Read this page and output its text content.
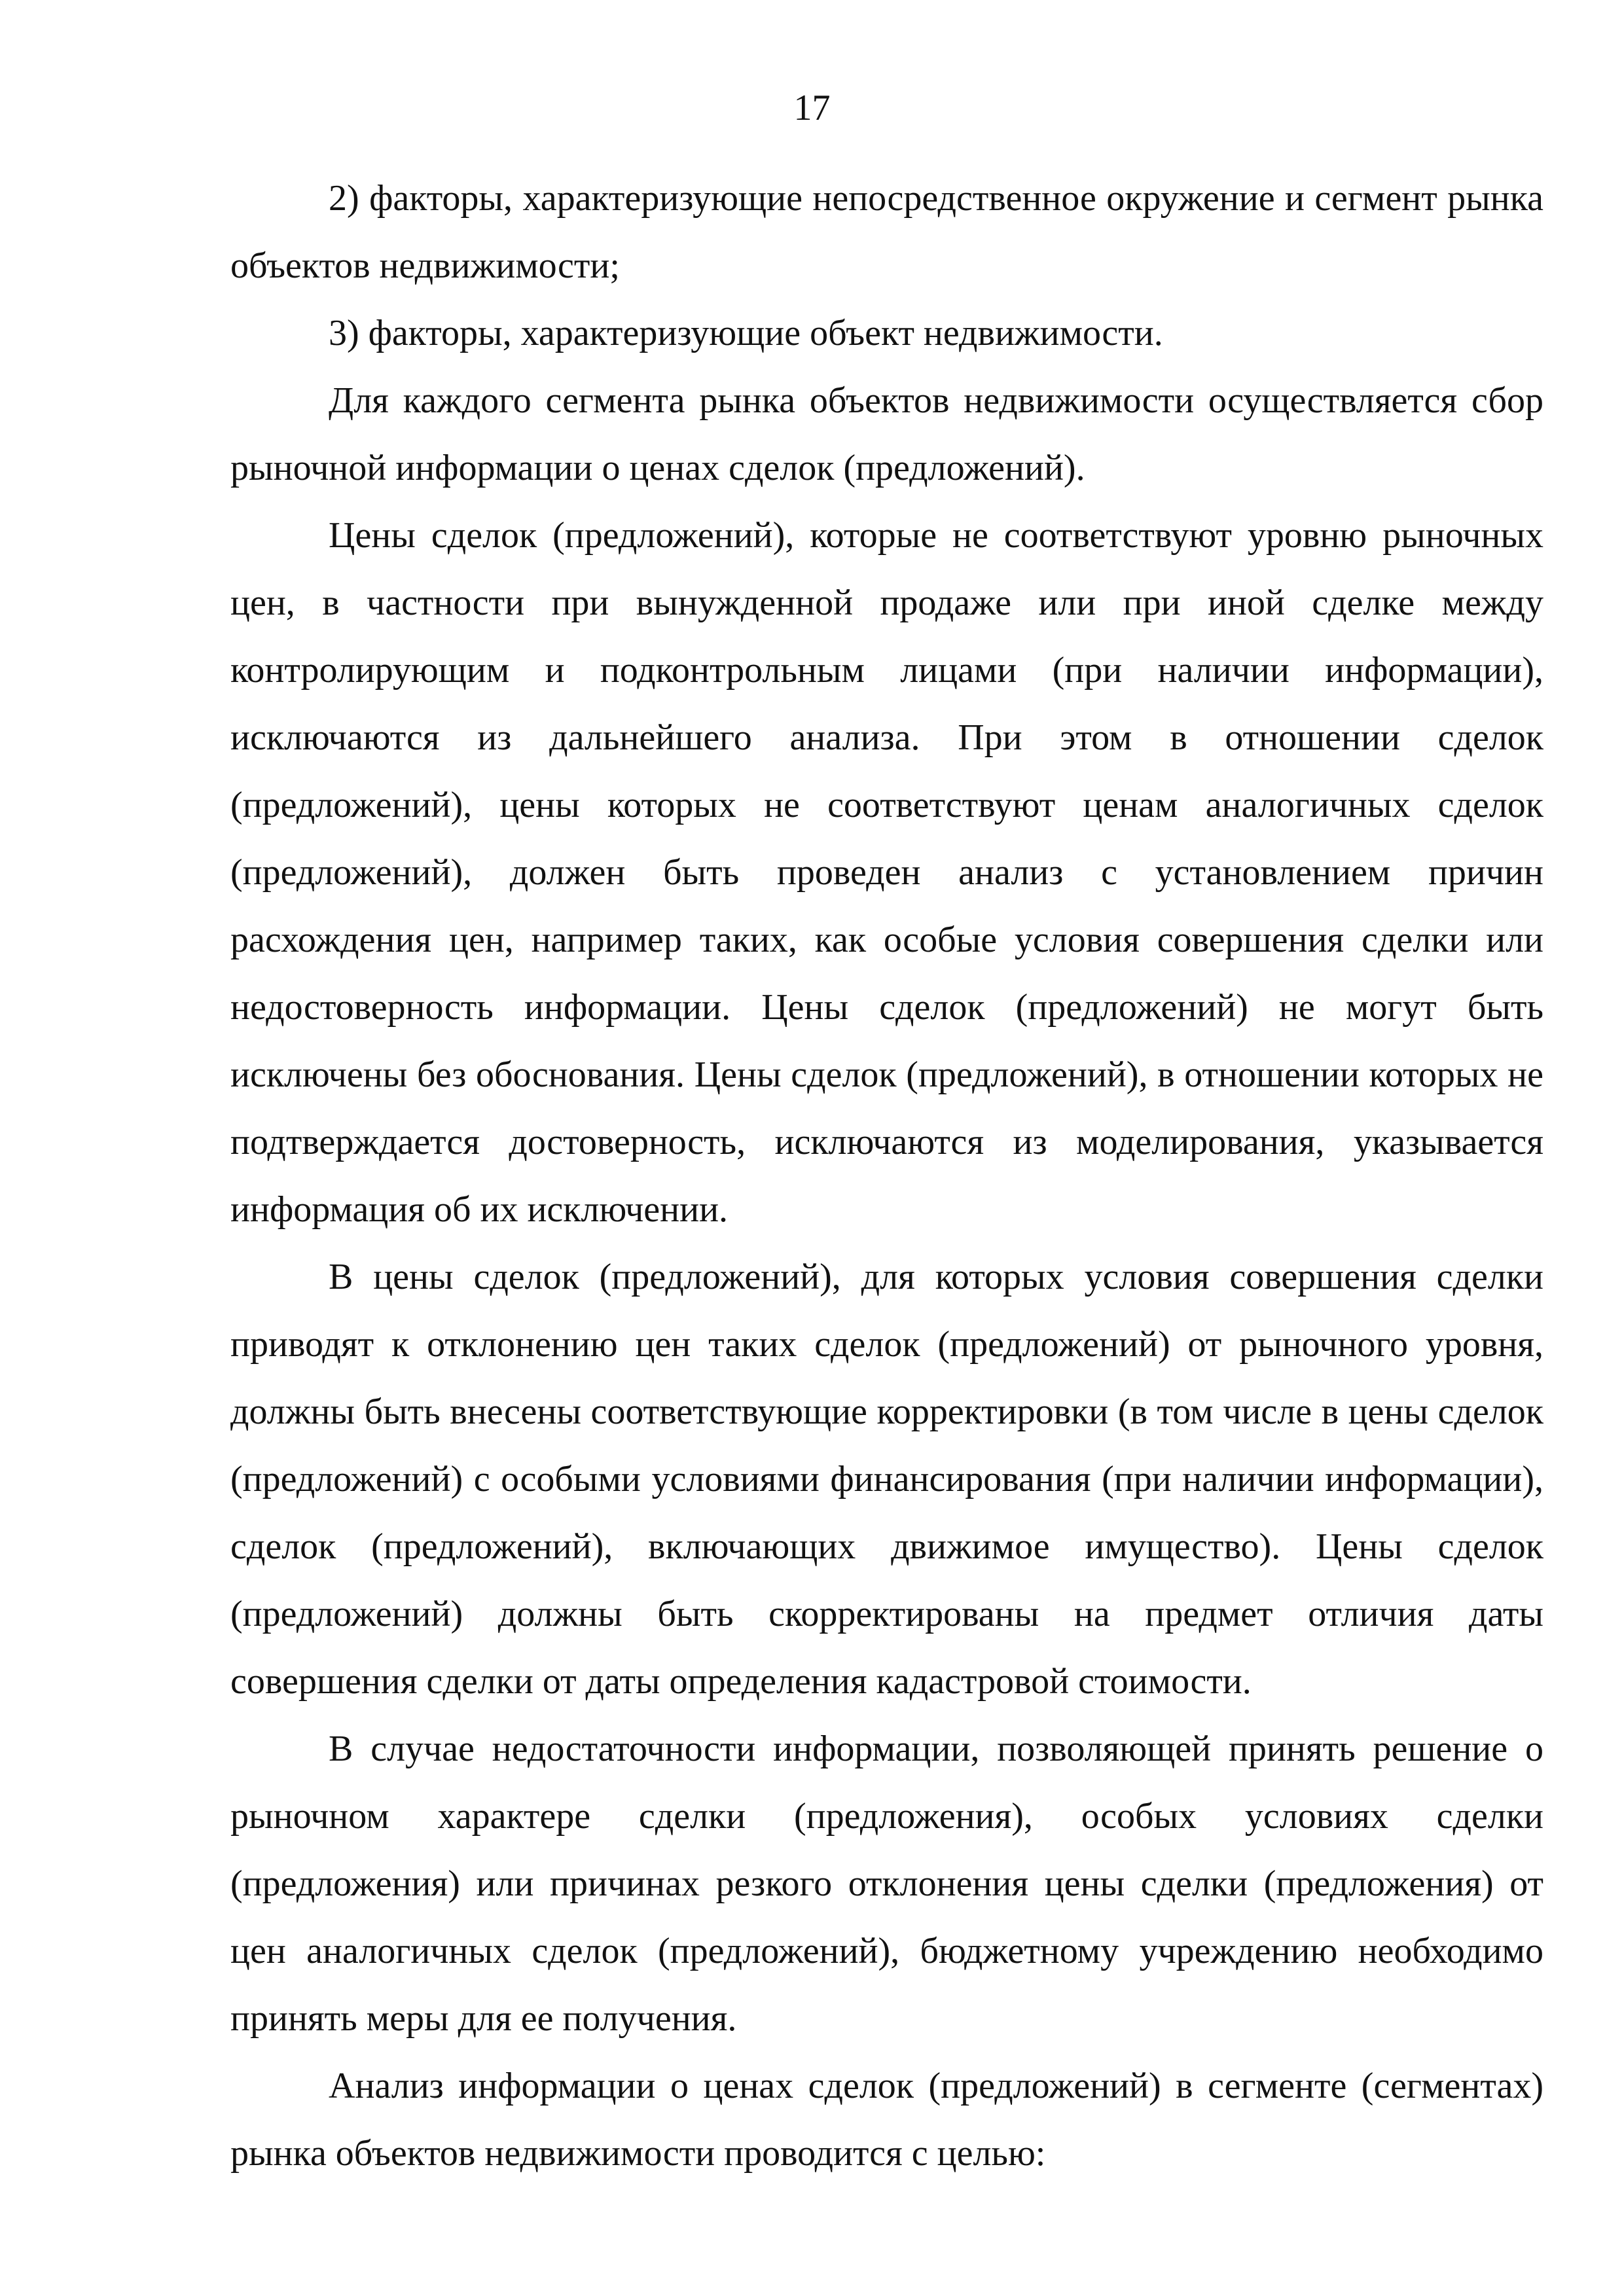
17

2) факторы, характеризующие непосредственное окружение и сегмент рынка объектов недвижимости;

3) факторы, характеризующие объект недвижимости.

Для каждого сегмента рынка объектов недвижимости осуществляется сбор рыночной информации о ценах сделок (предложений).

Цены сделок (предложений), которые не соответствуют уровню рыночных цен, в частности при вынужденной продаже или при иной сделке между контролирующим и подконтрольным лицами (при наличии информации), исключаются из дальнейшего анализа. При этом в отношении сделок (предложений), цены которых не соответствуют ценам аналогичных сделок (предложений), должен быть проведен анализ с установлением причин расхождения цен, например таких, как особые условия совершения сделки или недостоверность информации. Цены сделок (предложений) не могут быть исключены без обоснования. Цены сделок (предложений), в отношении которых не подтверждается достоверность, исключаются из моделирования, указывается информация об их исключении.

В цены сделок (предложений), для которых условия совершения сделки приводят к отклонению цен таких сделок (предложений) от рыночного уровня, должны быть внесены соответствующие корректировки (в том числе в цены сделок (предложений) с особыми условиями финансирования (при наличии информации), сделок (предложений), включающих движимое имущество). Цены сделок (предложений) должны быть скорректированы на предмет отличия даты совершения сделки от даты определения кадастровой стоимости.

В случае недостаточности информации, позволяющей принять решение о рыночном характере сделки (предложения), особых условиях сделки (предложения) или причинах резкого отклонения цены сделки (предложения) от цен аналогичных сделок (предложений), бюджетному учреждению необходимо принять меры для ее получения.

Анализ информации о ценах сделок (предложений) в сегменте (сегментах) рынка объектов недвижимости проводится с целью:
